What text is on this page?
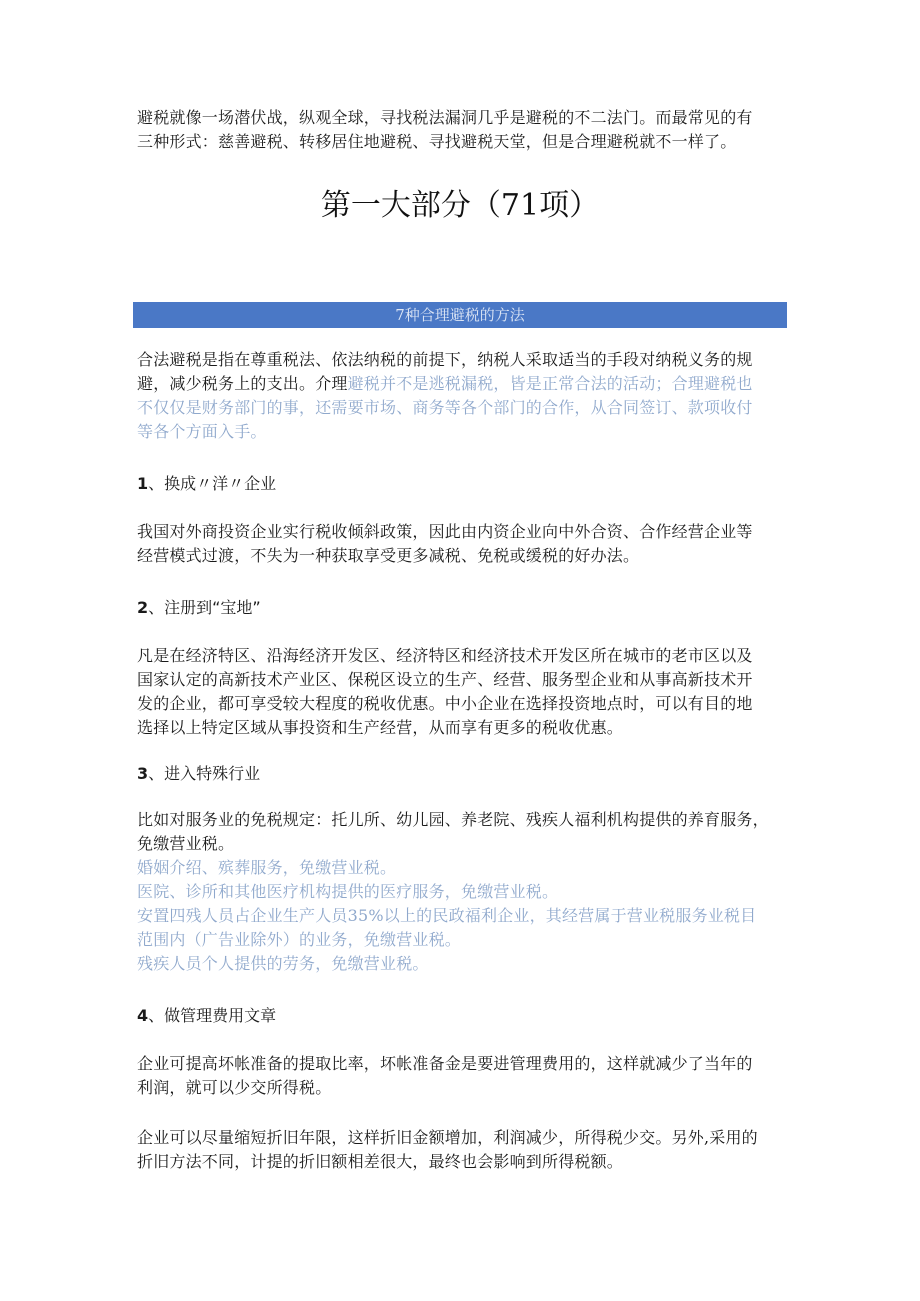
避税就像一场潜伏战，纵观全球，寻找税法漏洞几乎是避税的不二法门。而最常见的有
三种形式：慈善避税、转移居住地避税、寻找避税天堂，但是合理避税就不一样了。

第一大部分（71项）
7种合理避税的方法

合法避税是指在尊重税法、依法纳税的前提下，纳税人采取适当的手段对纳税义务的规
避，减少税务上的支出。介理避税并不是逃税漏税，皆是正常合法的活动；合理避税也
不仅仅是财务部门的事，还需要市场、商务等各个部门的合作，从合同签订、款项收付
等各个方面入手。

1、换成〃洋〃企业

我国对外商投资企业实行税收倾斜政策，因此由内资企业向中外合资、合作经营企业等
经营模式过渡，不失为一种获取享受更多减税、免税或缓税的好办法。

2、注册到“宝地”

凡是在经济特区、沿海经济开发区、经济特区和经济技术开发区所在城市的老市区以及
国家认定的高新技术产业区、保税区设立的生产、经营、服务型企业和从事高新技术开
发的企业，都可享受较大程度的税收优惠。中小企业在选择投资地点时，可以有目的地
选择以上特定区域从事投资和生产经营，从而享有更多的税收优惠。

3、进入特殊行业

比如对服务业的免税规定：托儿所、幼儿园、养老院、残疾人福利机构提供的养育服务，
免缴营业税。
婚姻介绍、殡葬服务，免缴营业税。
医院、诊所和其他医疗机构提供的医疗服务，免缴营业税。
安置四残人员占企业生产人员35%以上的民政福利企业，其经营属于营业税服务业税目
范围内（广告业除外）的业务，免缴营业税。
残疾人员个人提供的劳务，免缴营业税。

4、做管理费用文章

企业可提高坏帐准备的提取比率，坏帐准备金是要进管理费用的，这样就减少了当年的
利润，就可以少交所得税。

企业可以尽量缩短折旧年限，这样折旧金额增加，利润减少，所得税少交。另外,采用的
折旧方法不同，计提的折旧额相差很大，最终也会影响到所得税额。
